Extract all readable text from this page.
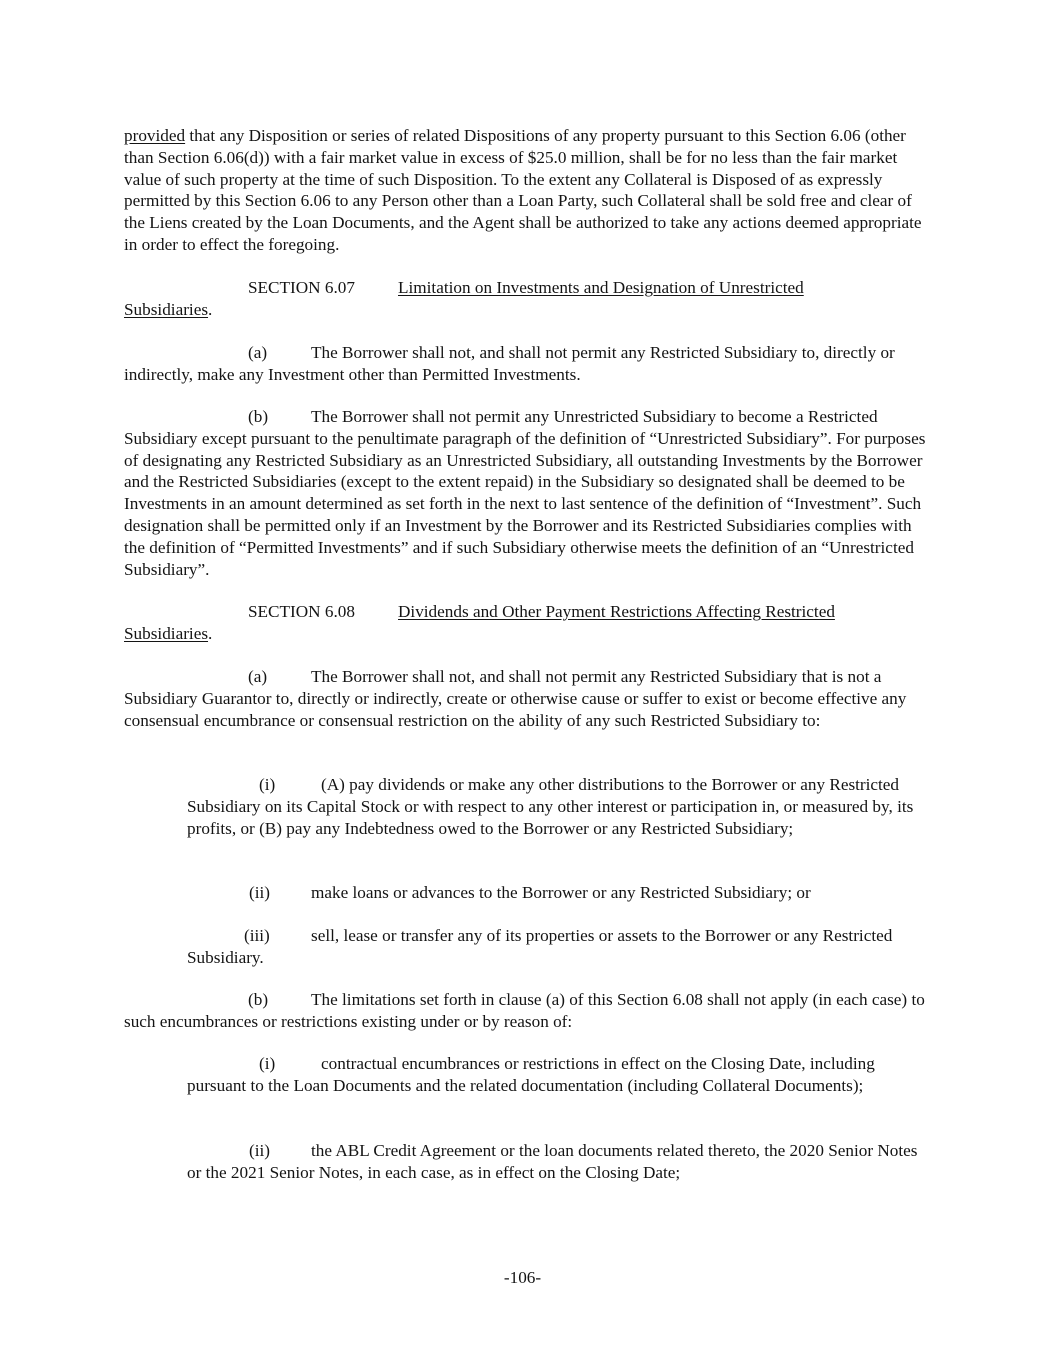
provided that any Disposition or series of related Dispositions of any property pursuant to this Section 6.06 (other than Section 6.06(d)) with a fair market value in excess of $25.0 million, shall be for no less than the fair market value of such property at the time of such Disposition. To the extent any Collateral is Disposed of as expressly permitted by this Section 6.06 to any Person other than a Loan Party, such Collateral shall be sold free and clear of the Liens created by the Loan Documents, and the Agent shall be authorized to take any actions deemed appropriate in order to effect the foregoing.

SECTION 6.07	Limitation on Investments and Designation of Unrestricted
Subsidiaries.

(a)	The Borrower shall not, and shall not permit any Restricted Subsidiary to, directly or indirectly, make any Investment other than Permitted Investments.

(b) The Borrower shall not permit any Unrestricted Subsidiary to become a Restricted Subsidiary except pursuant to the penultimate paragraph of the definition of “Unrestricted Subsidiary”. For purposes of designating any Restricted Subsidiary as an Unrestricted Subsidiary, all outstanding Investments by the Borrower and the Restricted Subsidiaries (except to the extent repaid) in the Subsidiary so designated shall be deemed to be Investments in an amount determined as set forth in the next to last sentence of the definition of “Investment”. Such designation shall be permitted only if an Investment by the Borrower and its Restricted Subsidiaries complies with the definition of “Permitted Investments” and if such Subsidiary otherwise meets the definition of an “Unrestricted Subsidiary”.

SECTION 6.08	Dividends and Other Payment Restrictions Affecting Restricted
Subsidiaries.

(a)	The Borrower shall not, and shall not permit any Restricted Subsidiary that is not a Subsidiary Guarantor to, directly or indirectly, create or otherwise cause or suffer to exist or become effective any consensual encumbrance or consensual restriction on the ability of any such Restricted Subsidiary to:

(i)	(A) pay dividends or make any other distributions to the Borrower or any Restricted Subsidiary on its Capital Stock or with respect to any other interest or participation in, or measured by, its profits, or (B) pay any Indebtedness owed to the Borrower or any Restricted Subsidiary;

(ii) make loans or advances to the Borrower or any Restricted Subsidiary; or

(iii) sell, lease or transfer any of its properties or assets to the Borrower or any Restricted Subsidiary.

(b) The limitations set forth in clause (a) of this Section 6.08 shall not apply (in each case) to such encumbrances or restrictions existing under or by reason of:

(i)	contractual encumbrances or restrictions in effect on the Closing Date, including pursuant to the Loan Documents and the related documentation (including Collateral Documents);

(ii) the ABL Credit Agreement or the loan documents related thereto, the 2020 Senior Notes or the 2021 Senior Notes, in each case, as in effect on the Closing Date;

-106-
